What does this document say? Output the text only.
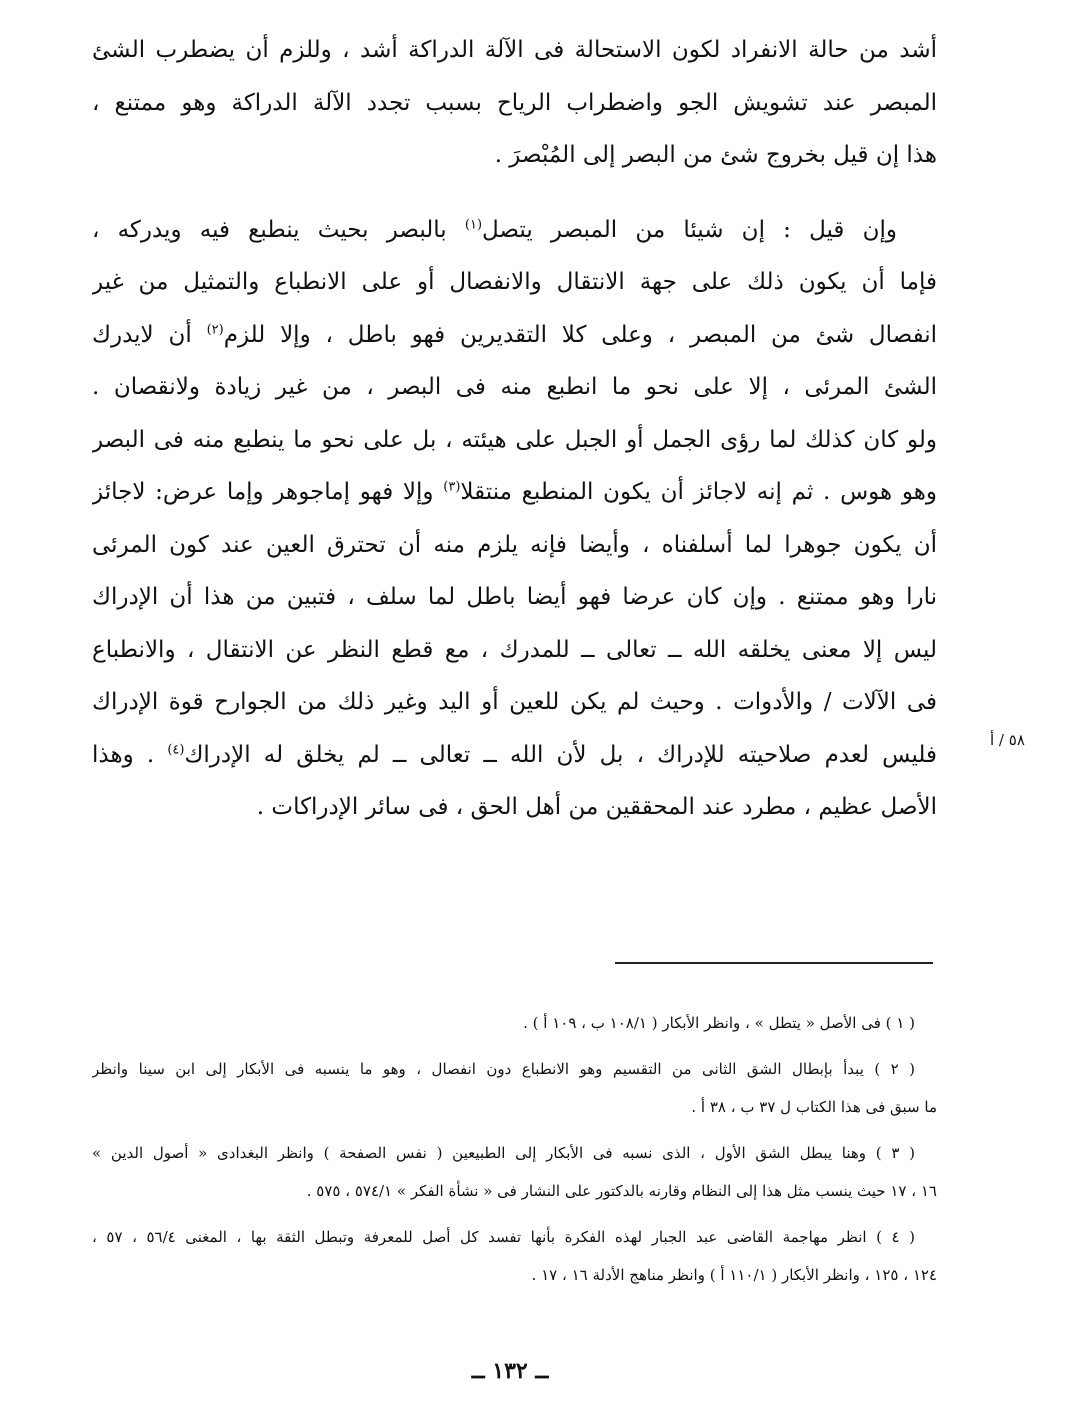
أشد من حالة الانفراد لكون الاستحالة فى الآلة الدراكة أشد ، وللزم أن يضطرب الشئ
المبصر عند تشويش الجو واضطراب الرياح بسبب تجدد الآلة الدراكة وهو ممتنع ،
هذا إن قيل بخروج شئ من البصر إلى المُبْصرَ .
وإن قيل : إن شيئا من المبصر يتصل$^{(١)}$ بالبصر بحيث ينطبع فيه ويدركه ،
فإما أن يكون ذلك على جهة الانتقال والانفصال أو على الانطباع والتمثيل من غير
انفصال شئ من المبصر ، وعلى كلا التقديرين فهو باطل ، وإلا للزم$^{(٢)}$ أن لايدرك
الشئ المرئى ، إلا على نحو ما انطبع منه فى البصر ، من غير زيادة ولانقصان .
ولو كان كذلك لما رؤى الجمل أو الجبل على هيئته ، بل على نحو ما ينطبع منه فى البصر
وهو هوس . ثم إنه لاجائز أن يكون المنطبع منتقلا$^{(٣)}$ وإلا فهو إماجوهر وإما عرض: لاجائز
أن يكون جوهرا لما أسلفناه ، وأيضا فإنه يلزم منه أن تحترق العين عند كون المرئى
نارا وهو ممتنع . وإن كان عرضا فهو أيضا باطل لما سلف ، فتبين من هذا أن الإدراك
ليس إلا معنى يخلقه الله ــ تعالى ــ للمدرك ، مع قطع النظر عن الانتقال ، والانطباع
فى الآلات / والأدوات . وحيث لم يكن للعين أو اليد وغير ذلك من الجوارح قوة الإدراك
فليس لعدم صلاحيته للإدراك ، بل لأن الله ــ تعالى ــ لم يخلق له الإدراك$^{(٤)}$ . وهذا
الأصل عظيم ، مطرد عند المحققين من أهل الحق ، فى سائر الإدراكات .
٥٨ / أ
( ١ ) فى الأصل « يتطل » ، وانظر الأبكار ( ١٠٨/١ ب ، ١٠٩ أ ) .
( ٢ ) يبدأ بإبطال الشق الثانى من التقسيم وهو الانطباع دون انفصال ، وهو ما ينسبه فى الأبكار إلى ابن سينا وانظر
ما سبق فى هذا الكتاب ل ٣٧ ب ، ٣٨ أ .
( ٣ ) وهنا يبطل الشق الأول ، الذى نسبه فى الأبكار إلى الطبيعين ( نفس الصفحة ) وانظر البغدادى « أصول الدين »
١٦ ، ١٧ حيث ينسب مثل هذا إلى النظام وقارنه بالدكتور على النشار فى « نشأة الفكر » ٥٧٤/١ ، ٥٧٥ .
( ٤ ) انظر مهاجمة القاضى عبد الجبار لهذه الفكرة بأنها تفسد كل أصل للمعرفة وتبطل الثقة بها ، المغنى ٥٦/٤ ، ٥٧ ،
١٢٤ ، ١٢٥ ، وانظر الأبكار ( ١١٠/١ أ ) وانظر مناهج الأدلة ١٦ ، ١٧ .
ــ ١٣٢ ــ
